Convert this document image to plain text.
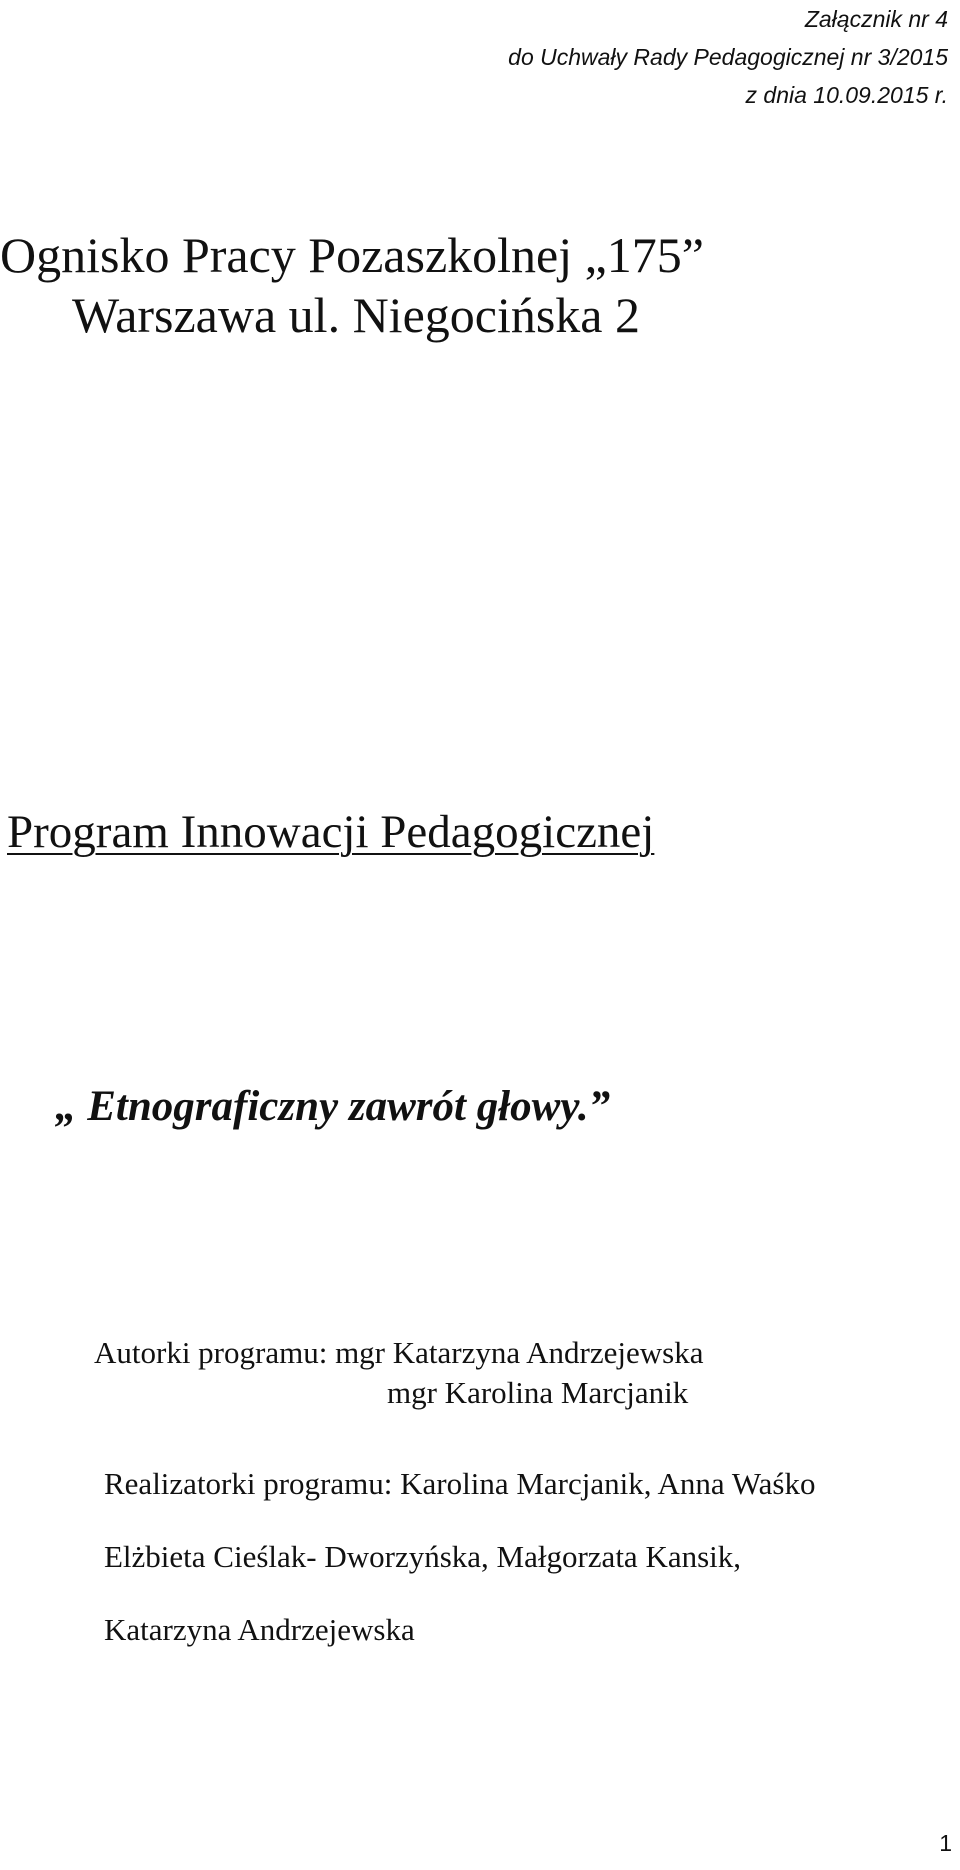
Załącznik nr 4
do Uchwały Rady Pedagogicznej nr 3/2015
z dnia 10.09.2015 r.
Ognisko Pracy Pozaszkolnej „175”
Warszawa ul. Niegocińska 2
Program Innowacji Pedagogicznej
„ Etnograficzny zawrót głowy.”
Autorki programu: mgr Katarzyna Andrzejewska
mgr Karolina Marcjanik
Realizatorki programu: Karolina Marcjanik, Anna Waśko
Elżbieta Cieślak- Dworzyńska, Małgorzata Kansik,
Katarzyna Andrzejewska
1
